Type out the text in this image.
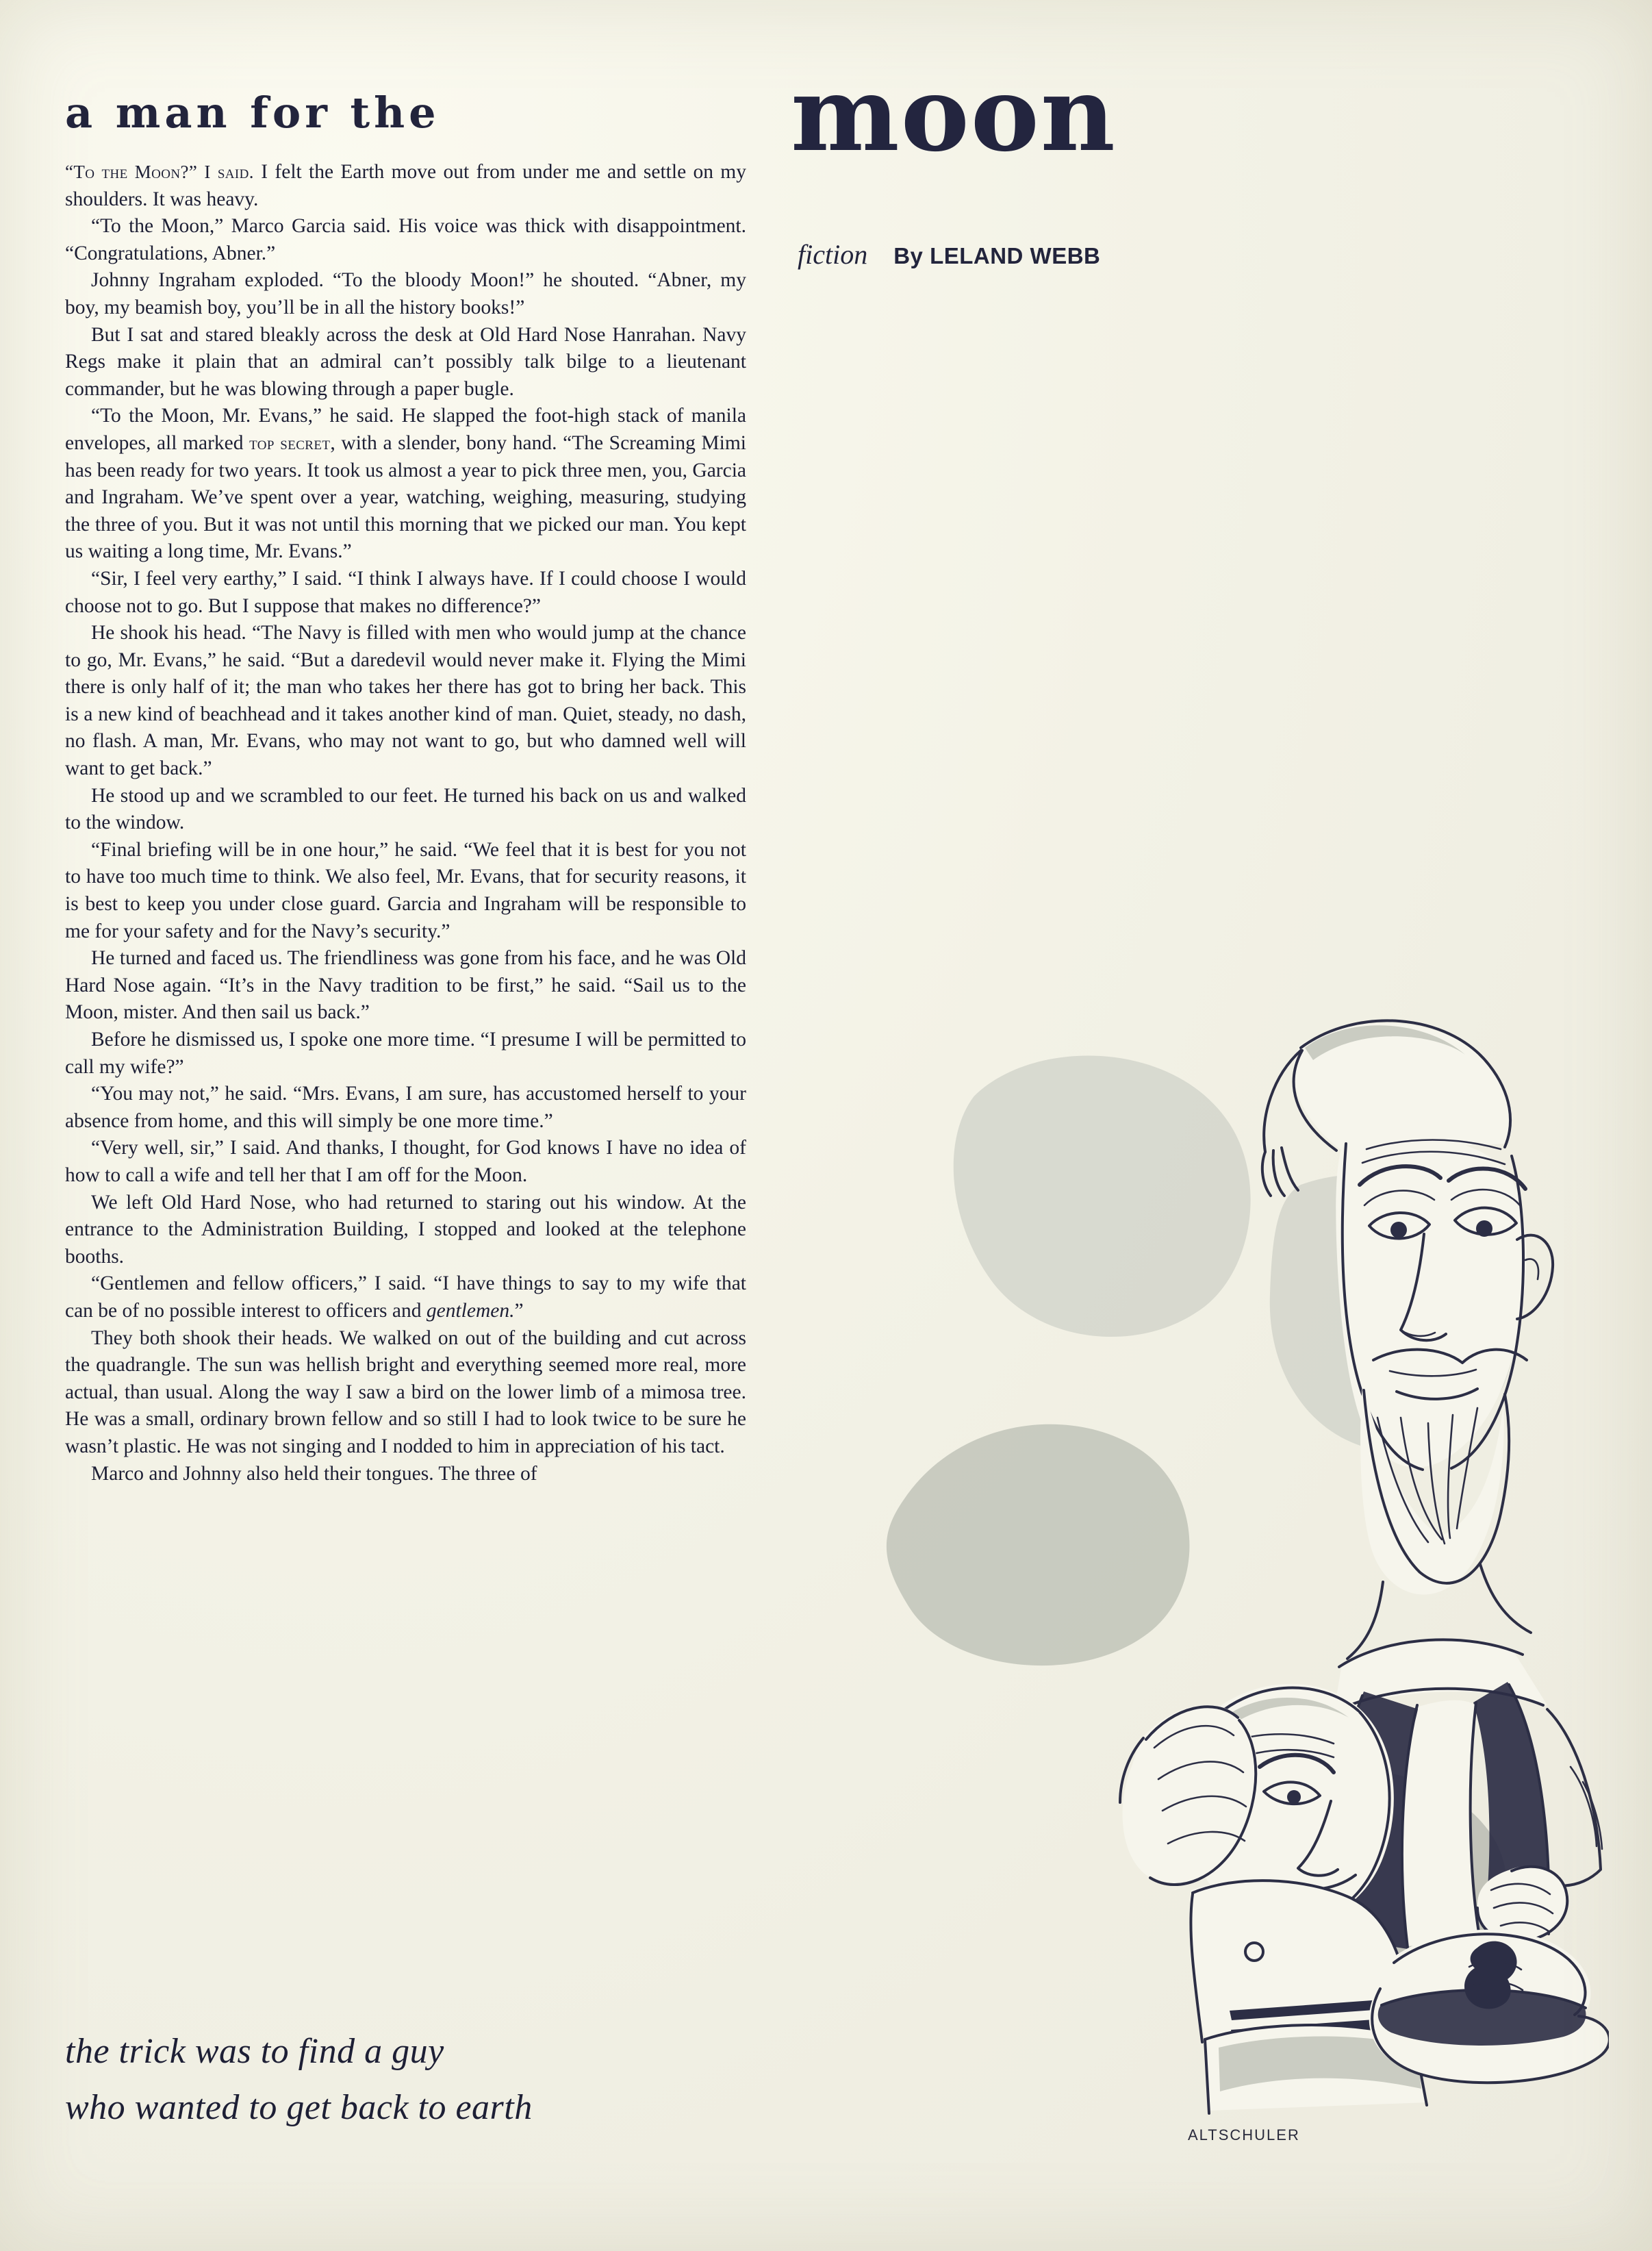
a man for the	moon
fiction By LELAND WEBB

“To the Moon?” I said. I felt the Earth move out from under me and settle on my shoulders. It was heavy.

“To the Moon,” Marco Garcia said. His voice was thick with disappointment. “Congratulations, Abner.”

Johnny Ingraham exploded. “To the bloody Moon!” he shouted. “Abner, my boy, my beamish boy, you’ll be in all the history books!”

But I sat and stared bleakly across the desk at Old Hard Nose Hanrahan. Navy Regs make it plain that an admiral can’t possibly talk bilge to a lieutenant commander, but he was blowing through a paper bugle.

“To the Moon, Mr. Evans,” he said. He slapped the foot-high stack of manila envelopes, all marked top secret, with a slender, bony hand. “The Screaming Mimi has been ready for two years. It took us almost a year to pick three men, you, Garcia and Ingraham. We’ve spent over a year, watching, weighing, measuring, studying the three of you. But it was not until this morning that we picked our man. You kept us waiting a long time, Mr. Evans.”

“Sir, I feel very earthy,” I said. “I think I always have. If I could choose I would choose not to go. But I suppose that makes no difference?”

He shook his head. “The Navy is filled with men who would jump at the chance to go, Mr. Evans,” he said. “But a daredevil would never make it. Flying the Mimi there is only half of it; the man who takes her there has got to bring her back. This is a new kind of beachhead and it takes another kind of man. Quiet, steady, no dash, no flash. A man, Mr. Evans, who may not want to go, but who damned well will want to get back.”

He stood up and we scrambled to our feet. He turned his back on us and walked to the window.

“Final briefing will be in one hour,” he said. “We feel that it is best for you not to have too much time to think. We also feel, Mr. Evans, that for security reasons, it is best to keep you under close guard. Garcia and Ingraham will be responsible to me for your safety and for the Navy’s security.”

He turned and faced us. The friendliness was gone from his face, and he was Old Hard Nose again. “It’s in the Navy tradition to be first,” he said. “Sail us to the Moon, mister. And then sail us back.”

Before he dismissed us, I spoke one more time. “I presume I will be permitted to call my wife?”

“You may not,” he said. “Mrs. Evans, I am sure, has accustomed herself to your absence from home, and this will simply be one more time.”

“Very well, sir,” I said. And thanks, I thought, for God knows I have no idea of how to call a wife and tell her that I am off for the Moon.

We left Old Hard Nose, who had returned to staring out his window. At the entrance to the Administration Building, I stopped and looked at the telephone booths.

“Gentlemen and fellow officers,” I said. “I have things to say to my wife that can be of no possible interest to officers and gentlemen.”

They both shook their heads. We walked on out of the building and cut across the quadrangle. The sun was hellish bright and everything seemed more real, more actual, than usual. Along the way I saw a bird on the lower limb of a mimosa tree. He was a small, ordinary brown fellow and so still I had to look twice to be sure he wasn’t plastic. He was not singing and I nodded to him in appreciation of his tact.

Marco and Johnny also held their tongues. The three of

the trick was to find a guy
who wanted to get back to earth
ALTSCHULER
